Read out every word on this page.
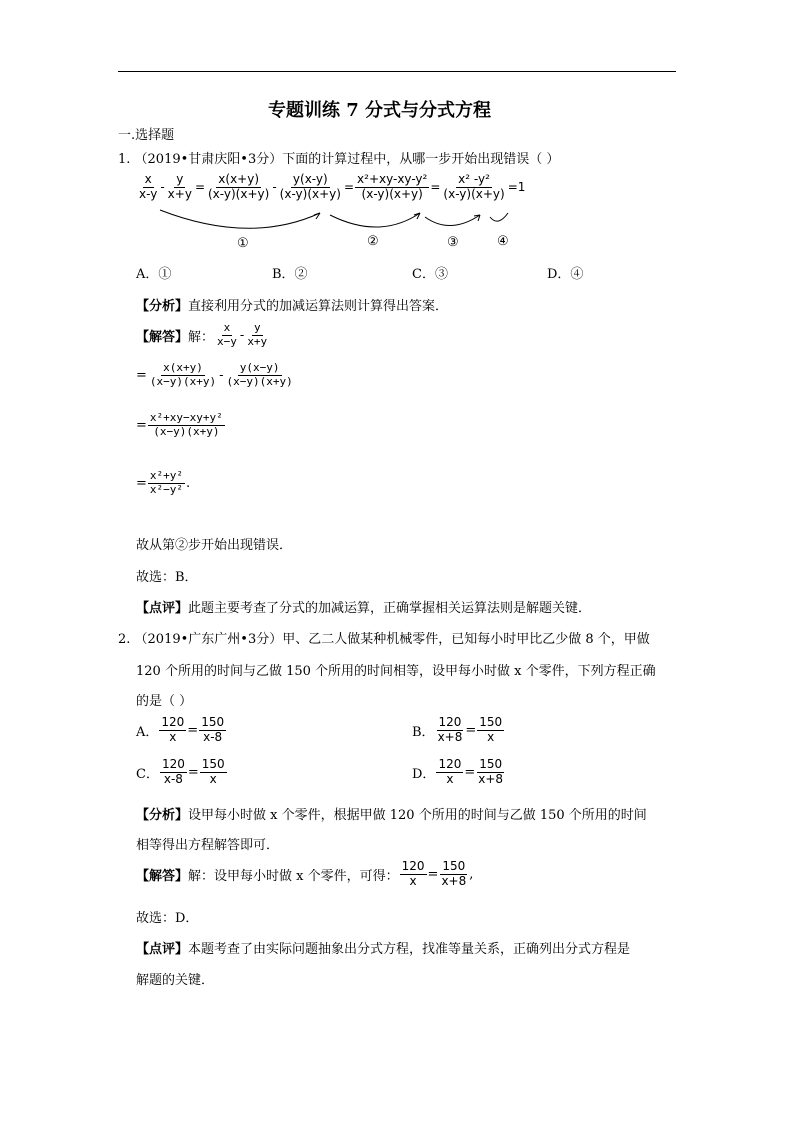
专题训练 7 分式与分式方程
一.选择题
1. （2019•甘肃庆阳•3分）下面的计算过程中，从哪一步开始出现错误（ ）
$\frac{x}{x-y} - \frac{y}{x+y} = \frac{x(x+y)}{(x-y)(x+y)} - \frac{y(x-y)}{(x-y)(x+y)} = \frac{\text{x²+xy-xy-y²}}{(x-y)(x+y)} = \frac{\text{x² -y²}}{(x-y)(x+y)} =1$
①	②	③	④
A．①	B．②	C．③	D．④
【分析】直接利用分式的加减运算法则计算得出答案．
【解答】 解： $\frac{x}{x-y} - \frac{y}{x+y}$
= $\frac{x(x+y)}{(x-y)(x+y)} - \frac{y(x-y)}{(x-y)(x+y)}$
= $\frac{\text{x²+xy−xy+y²}}{(x-y)(x+y)}$
= $\frac{\text{x²+y²}}{\text{x²−y²}}$ .
故从第②步开始出现错误．
故选：B．
【点评】此题主要考查了分式的加减运算，正确掌握相关运算法则是解题关键．
2. （2019•广东广州•3分）甲、乙二人做某种机械零件，已知每小时甲比乙少做 8 个，甲做
120 个所用的时间与乙做 150 个所用的时间相等，设甲每小时做 x 个零件，下列方程正确
的是（ ）
A． $\frac{120}{x} = \frac{150}{x-8}$	B． $\frac{120}{x+8} = \frac{150}{x}$
C． $\frac{120}{x-8} = \frac{150}{x}$	D． $\frac{120}{x} = \frac{150}{x+8}$
【分析】设甲每小时做 x 个零件，根据甲做 120 个所用的时间与乙做 150 个所用的时间
相等得出方程解答即可．
【解答】 解：设甲每小时做 x 个零件，可得： $\frac{120}{x} = \frac{150}{x+8}$ ,
故选：D．
【点评】本题考查了由实际问题抽象出分式方程，找准等量关系，正确列出分式方程是
解题的关键．
